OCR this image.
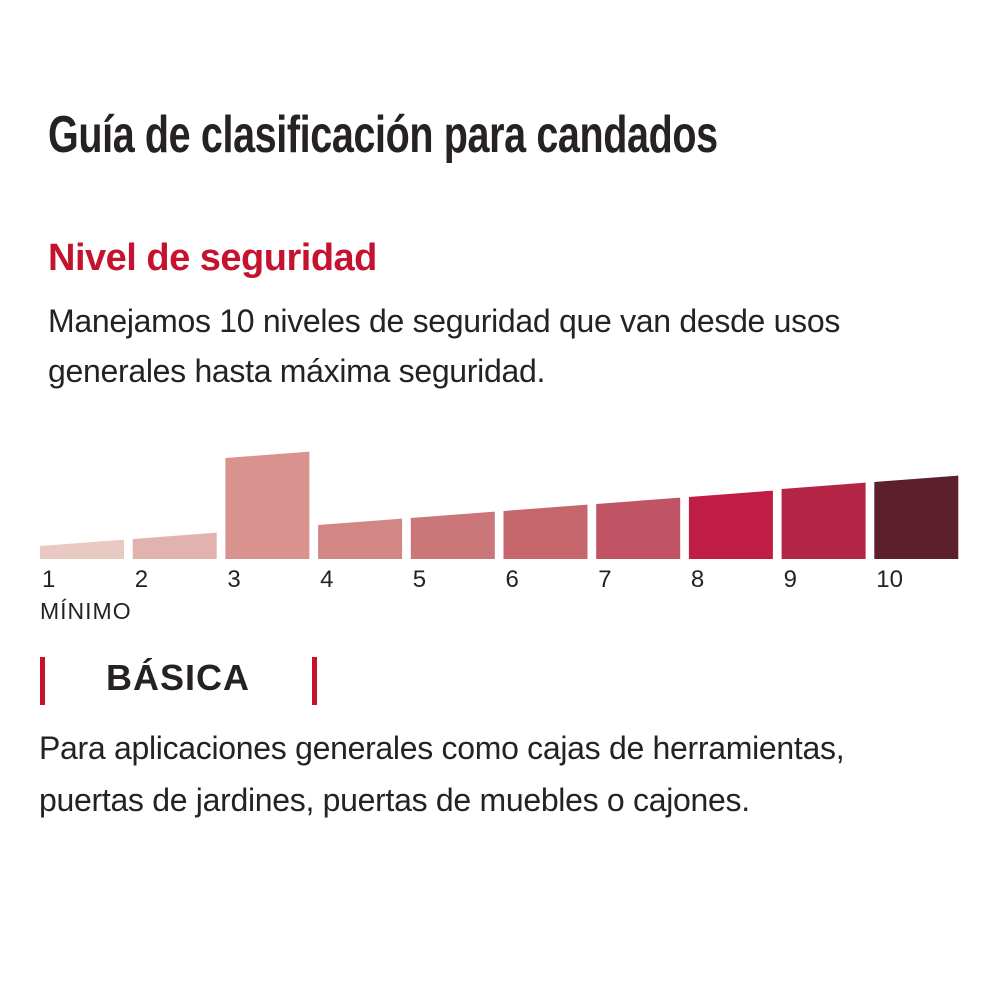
Guía de clasificación para candados
Nivel de seguridad

Manejamos 10 niveles de seguridad que van desde usos
generales hasta máxima seguridad.

1	2	3	4	5	6	7	8	9	10
MÍNIMO
BÁSICA

Para aplicaciones generales como cajas de herramientas,
puertas de jardines, puertas de muebles o cajones.
